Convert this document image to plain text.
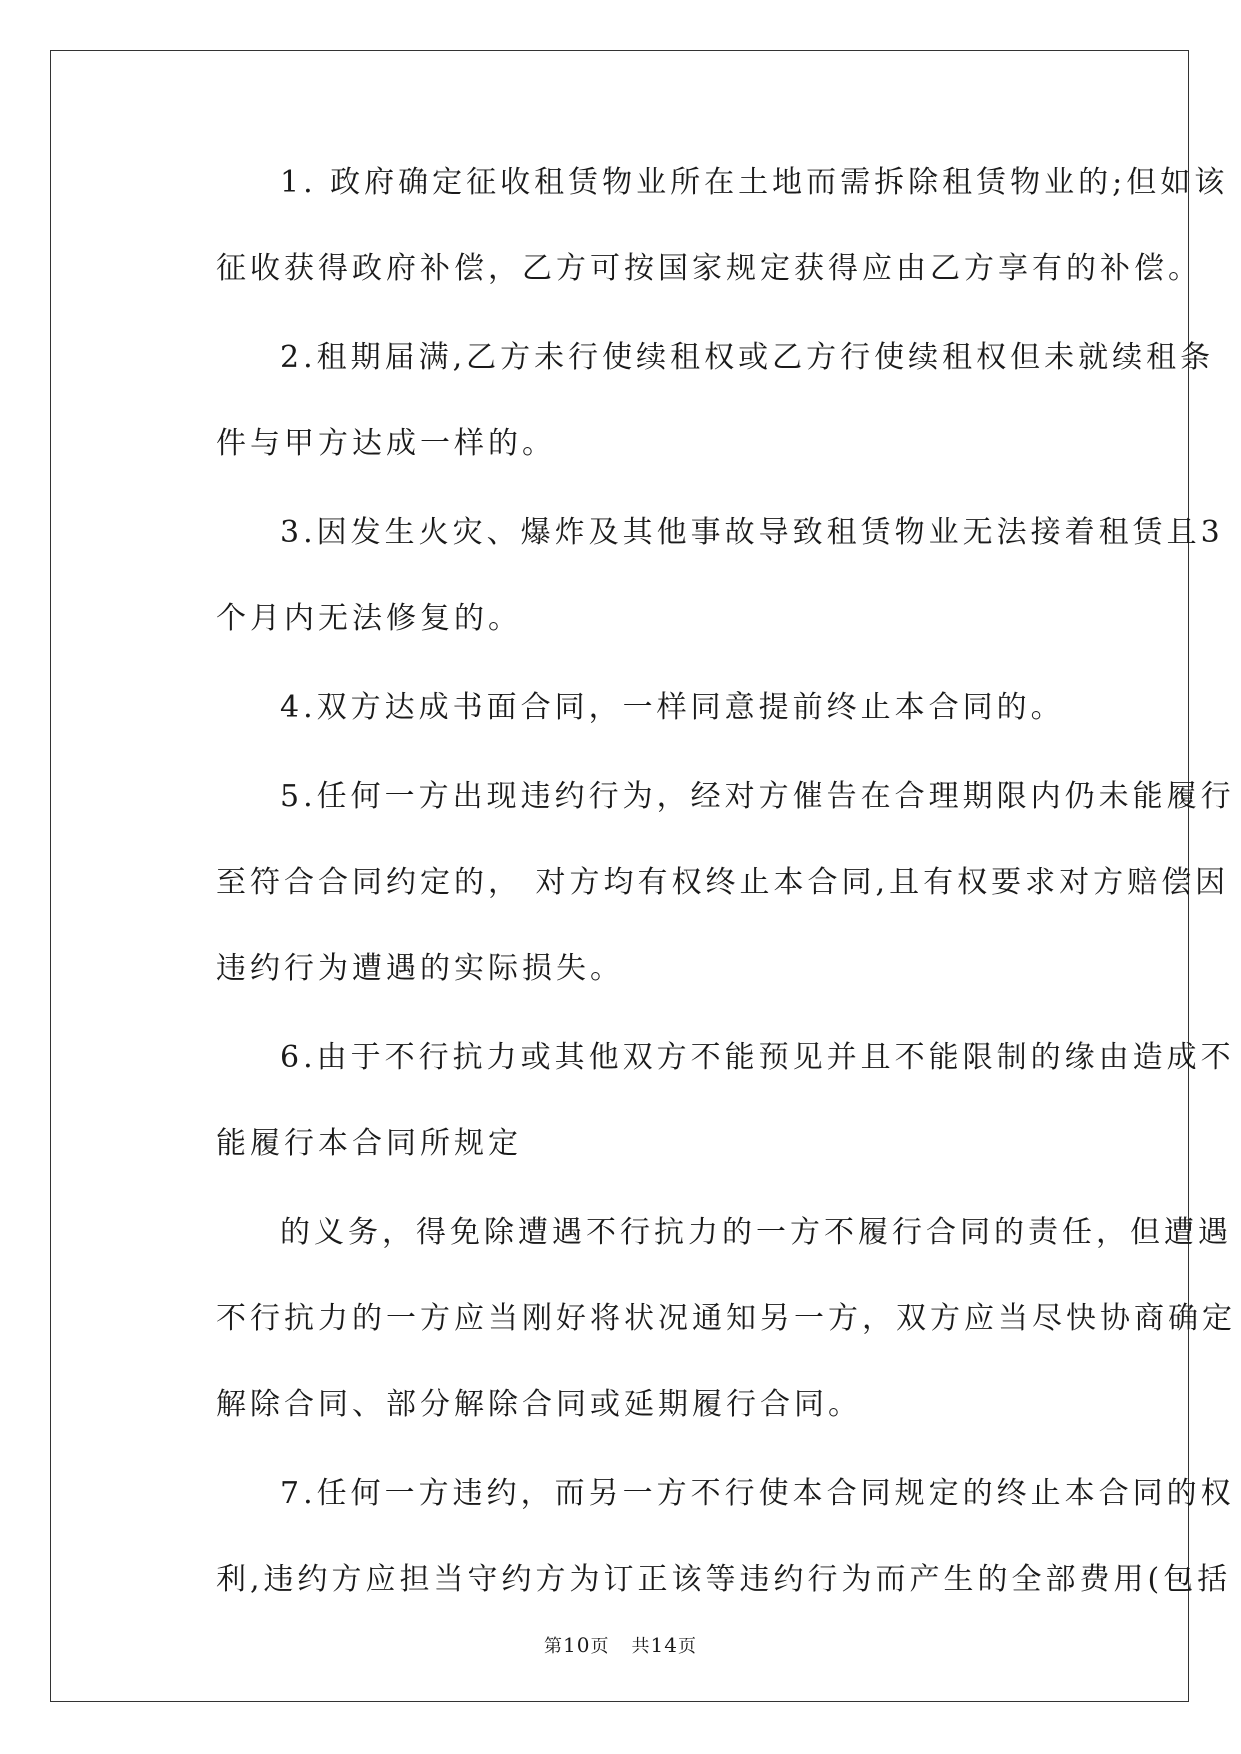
1. 政府确定征收租赁物业所在土地而需拆除租赁物业的;但如该
征收获得政府补偿，乙方可按国家规定获得应由乙方享有的补偿。
2.租期届满,乙方未行使续租权或乙方行使续租权但未就续租条
件与甲方达成一样的。
3.因发生火灾、爆炸及其他事故导致租赁物业无法接着租赁且3
个月内无法修复的。
4.双方达成书面合同，一样同意提前终止本合同的。
5.任何一方出现违约行为，经对方催告在合理期限内仍未能履行
至符合合同约定的， 对方均有权终止本合同,且有权要求对方赔偿因
违约行为遭遇的实际损失。
6.由于不行抗力或其他双方不能预见并且不能限制的缘由造成不
能履行本合同所规定
的义务，得免除遭遇不行抗力的一方不履行合同的责任，但遭遇
不行抗力的一方应当刚好将状况通知另一方，双方应当尽快协商确定
解除合同、部分解除合同或延期履行合同。
7.任何一方违约，而另一方不行使本合同规定的终止本合同的权
利,违约方应担当守约方为订正该等违约行为而产生的全部费用(包括
第10页 共14页
